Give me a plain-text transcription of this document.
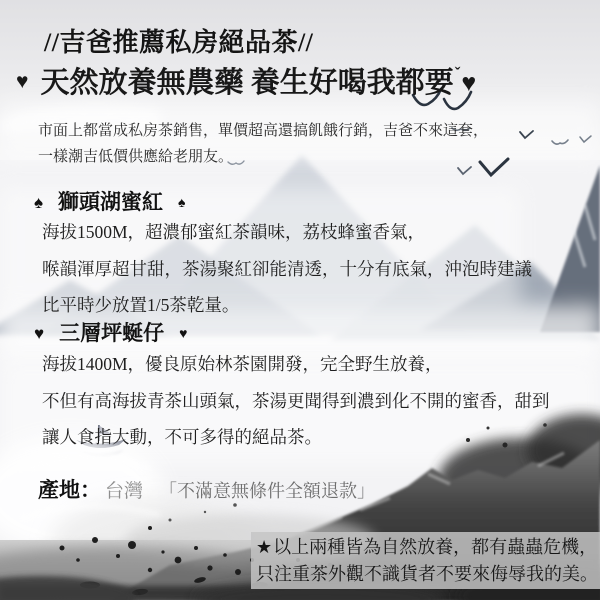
//吉爸推薦私房絕品茶//
♥ 天然放養無農藥 養生好喝我都要$^ˇ$♥
市面上都當成私房茶銷售，單價超高還搞飢餓行銷，吉爸不來這套，
一樣潮吉低價供應給老朋友。
♠ 獅頭湖蜜紅 ♠
海拔1500M，超濃郁蜜紅茶韻味，荔枝蜂蜜香氣，
喉韻渾厚超甘甜，茶湯聚紅卻能清透，十分有底氣，沖泡時建議
比平時少放置1/5茶乾量。
♥ 三層坪蜒仔 ♥
海拔1400M，優良原始林茶園開發，完全野生放養，
不但有高海拔青茶山頭氣，茶湯更聞得到濃到化不開的蜜香，甜到
讓人食指大動，不可多得的絕品茶。
產地： 台灣 「不滿意無條件全額退款」
★以上兩種皆為自然放養，都有蟲蟲危機，
只注重茶外觀不識貨者不要來侮辱我的美。
